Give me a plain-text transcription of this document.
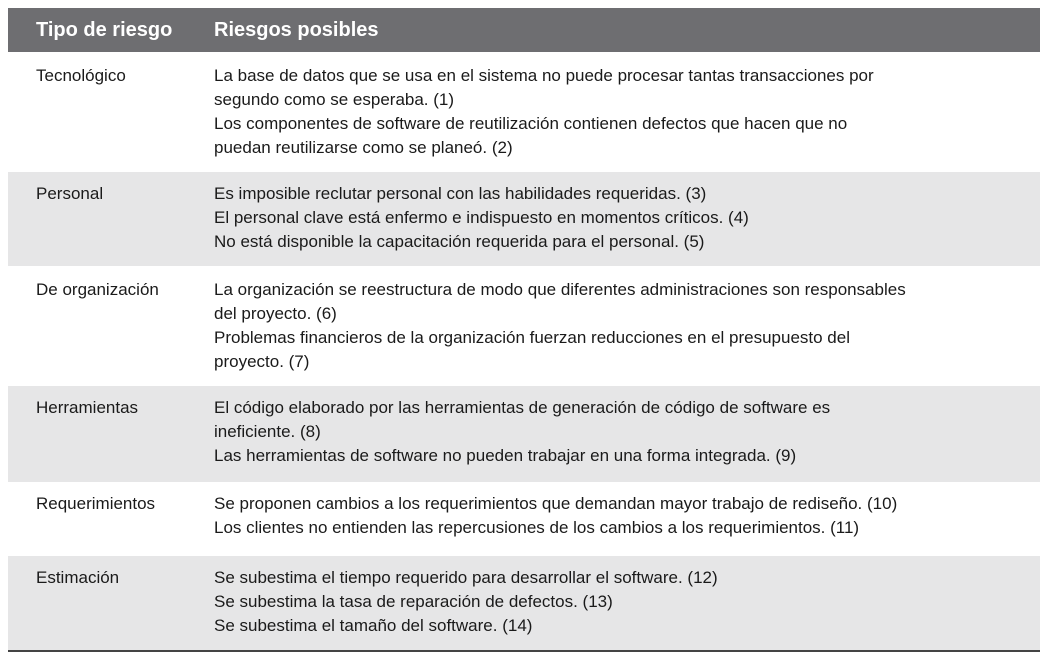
Tipo de riesgo	Riesgos posibles
Tecnológico	La base de datos que se usa en el sistema no puede procesar tantas transacciones por
segundo como se esperaba. (1)
Los componentes de software de reutilización contienen defectos que hacen que no
puedan reutilizarse como se planeó. (2)
Personal	Es imposible reclutar personal con las habilidades requeridas. (3)
El personal clave está enfermo e indispuesto en momentos críticos. (4)
No está disponible la capacitación requerida para el personal. (5)
De organización	La organización se reestructura de modo que diferentes administraciones son responsables
del proyecto. (6)
Problemas financieros de la organización fuerzan reducciones en el presupuesto del
proyecto. (7)
Herramientas	El código elaborado por las herramientas de generación de código de software es
ineficiente. (8)
Las herramientas de software no pueden trabajar en una forma integrada. (9)
Requerimientos	Se proponen cambios a los requerimientos que demandan mayor trabajo de rediseño. (10)
Los clientes no entienden las repercusiones de los cambios a los requerimientos. (11)
Estimación	Se subestima el tiempo requerido para desarrollar el software. (12)
Se subestima la tasa de reparación de defectos. (13)
Se subestima el tamaño del software. (14)
